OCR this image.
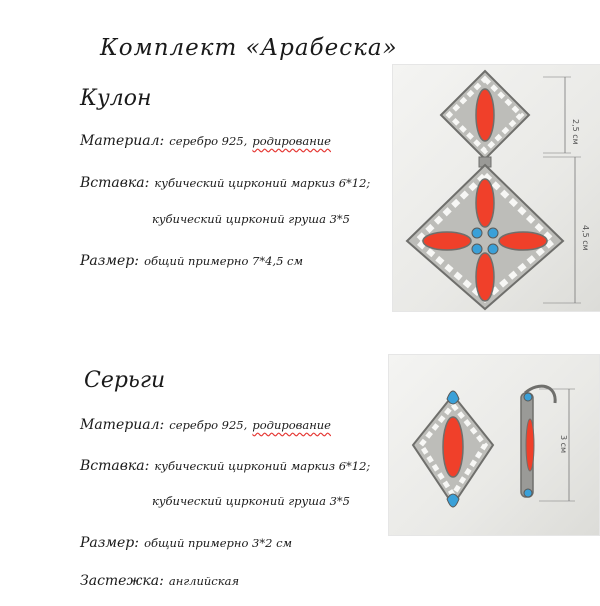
Комплект «Арабеска»
Кулон
Материал: серебро 925, родирование
Вставка: кубический цирконий маркиз 6*12;
кубический цирконий груша 3*5
Размер: общий примерно 7*4,5 см
2,5 см
4,5 см
Серьги
Материал: серебро 925, родирование
Вставка: кубический цирконий маркиз 6*12;
кубический цирконий груша 3*5
Размер: общий примерно 3*2 см
Застежка: английская
3 см
